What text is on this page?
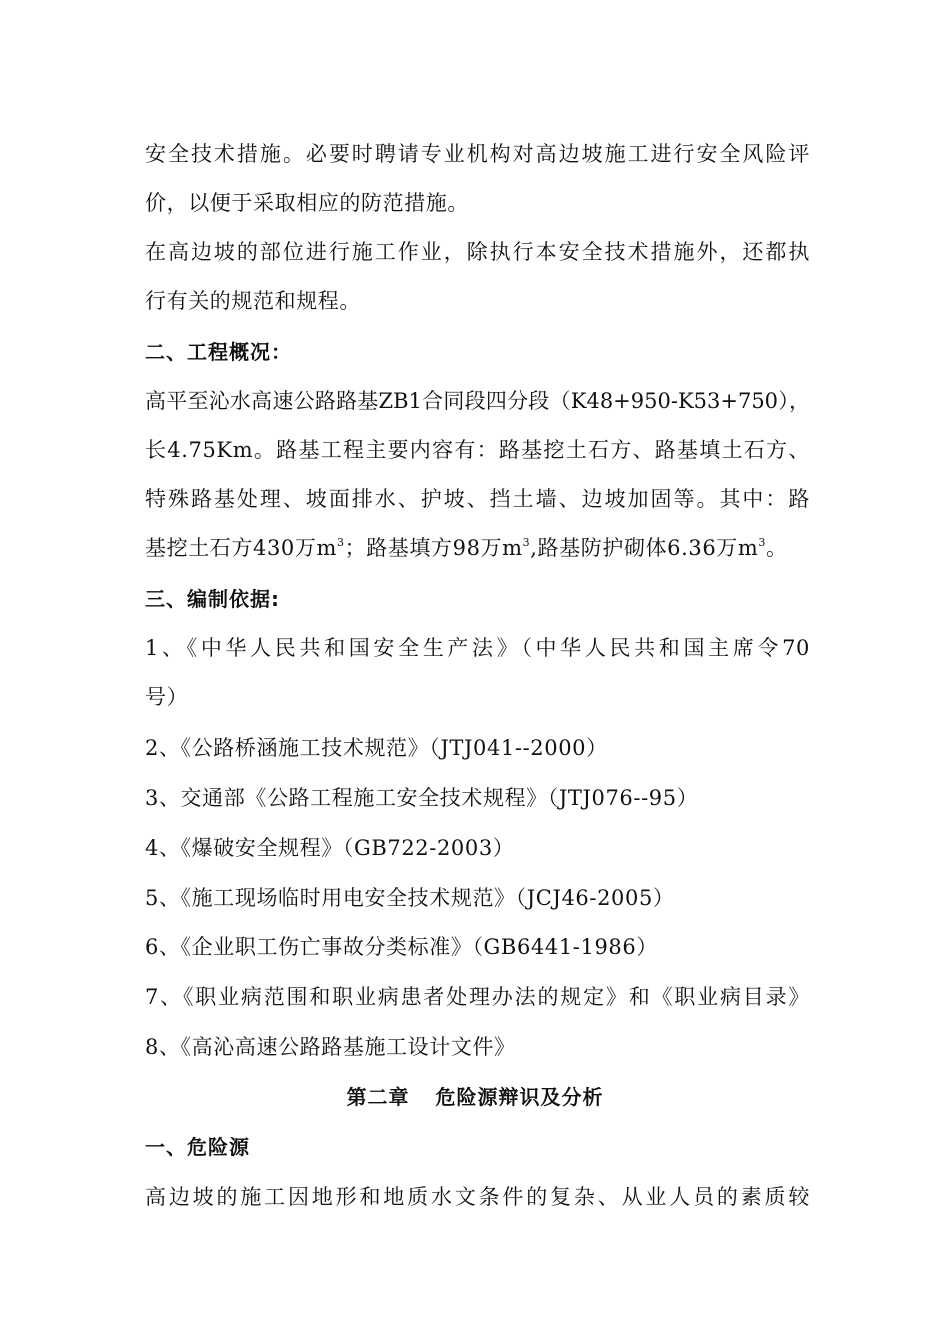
安全技术措施。必要时聘请专业机构对高边坡施工进行安全风险评
价，以便于采取相应的防范措施。
在高边坡的部位进行施工作业，除执行本安全技术措施外，还都执
行有关的规范和规程。
二、工程概况：
高平至沁水高速公路路基ZB1合同段四分段（K48+950-K53+750），
长4.75Km。路基工程主要内容有：路基挖土石方、路基填土石方、
特殊路基处理、坡面排水、护坡、挡土墙、边坡加固等。其中：路
基挖土石方430万$m^3$；路基填方98万$m^3$,路基防护砌体6.36万$m^3$。
三、编制依据:
1、《中华人民共和国安全生产法》（中华人民共和国主席令70
号）
2、《公路桥涵施工技术规范》（JTJ041--2000）
3、交通部《公路工程施工安全技术规程》（JTJ076--95）
4、《爆破安全规程》（GB722-2003）
5、《施工现场临时用电安全技术规范》（JCJ46-2005）
6、《企业职工伤亡事故分类标准》（GB6441-1986）
7、《职业病范围和职业病患者处理办法的规定》和《职业病目录》
8、《高沁高速公路路基施工设计文件》
第二章 危险源辩识及分析
一、危险源
高边坡的施工因地形和地质水文条件的复杂、从业人员的素质较
